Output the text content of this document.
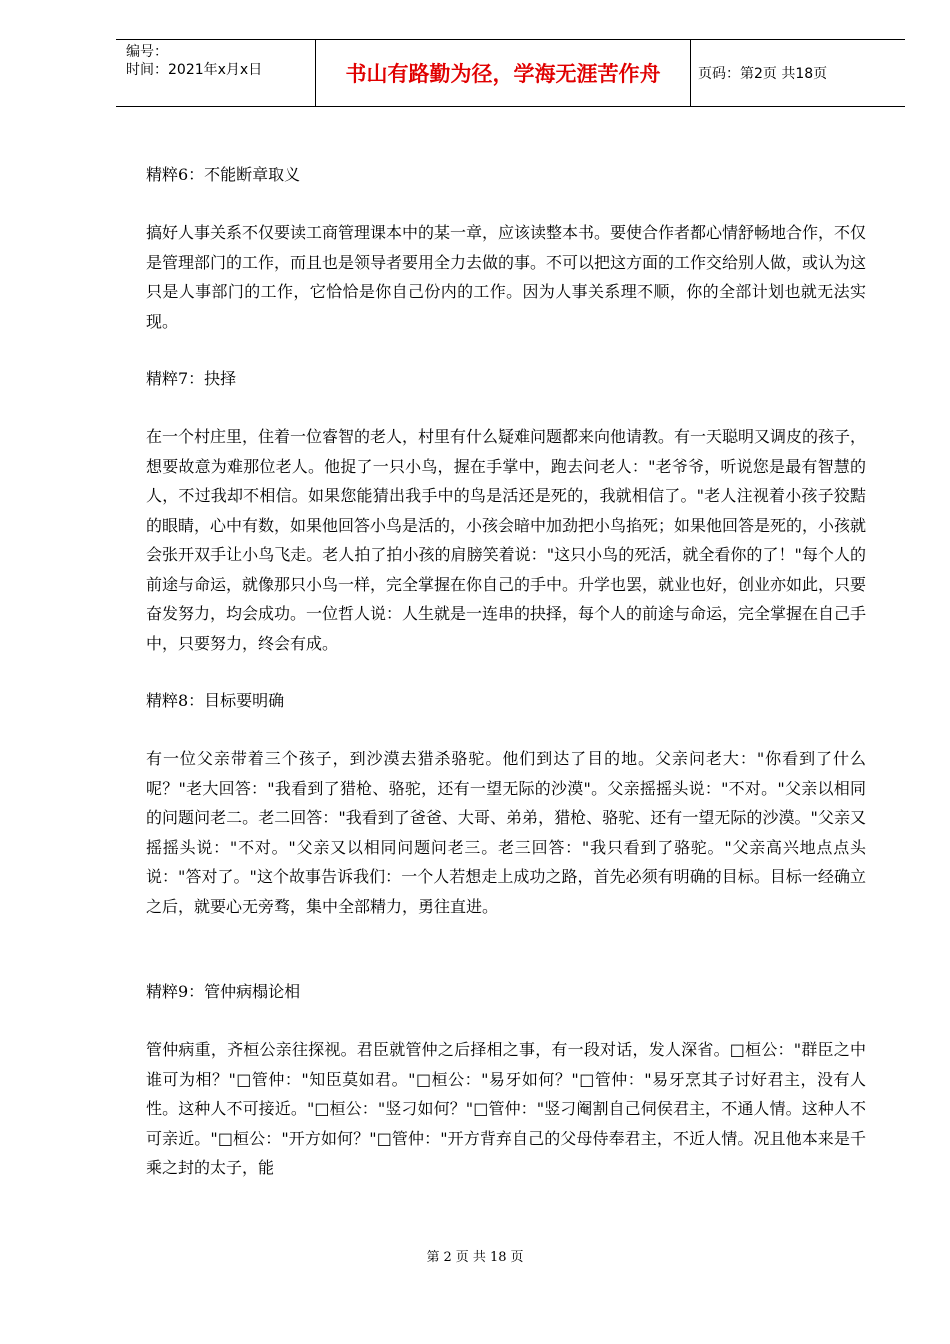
编号：
时间：2021年x月x日	书山有路勤为径，学海无涯苦作舟	页码：第2页 共18页
精粹6：不能断章取义
搞好人事关系不仅要读工商管理课本中的某一章，应该读整本书。要使合作者都心情舒畅地合作，不仅是管理部门的工作，而且也是领导者要用全力去做的事。不可以把这方面的工作交给别人做，或认为这只是人事部门的工作，它恰恰是你自己份内的工作。因为人事关系理不顺，你的全部计划也就无法实现。
精粹7：抉择
在一个村庄里，住着一位睿智的老人，村里有什么疑难问题都来向他请教。有一天聪明又调皮的孩子，想要故意为难那位老人。他捉了一只小鸟，握在手掌中，跑去问老人："老爷爷，听说您是最有智慧的人，不过我却不相信。如果您能猜出我手中的鸟是活还是死的，我就相信了。"老人注视着小孩子狡黠的眼睛，心中有数，如果他回答小鸟是活的，小孩会暗中加劲把小鸟掐死；如果他回答是死的，小孩就会张开双手让小鸟飞走。老人拍了拍小孩的肩膀笑着说："这只小鸟的死活，就全看你的了！"每个人的前途与命运，就像那只小鸟一样，完全掌握在你自己的手中。升学也罢，就业也好，创业亦如此，只要奋发努力，均会成功。一位哲人说：人生就是一连串的抉择，每个人的前途与命运，完全掌握在自己手中，只要努力，终会有成。
精粹8：目标要明确
有一位父亲带着三个孩子，到沙漠去猎杀骆驼。他们到达了目的地。父亲问老大："你看到了什么呢？"老大回答："我看到了猎枪、骆驼，还有一望无际的沙漠"。父亲摇摇头说："不对。"父亲以相同的问题问老二。老二回答："我看到了爸爸、大哥、弟弟，猎枪、骆驼、还有一望无际的沙漠。"父亲又摇摇头说："不对。"父亲又以相同问题问老三。老三回答："我只看到了骆驼。"父亲高兴地点点头说："答对了。"这个故事告诉我们：一个人若想走上成功之路，首先必须有明确的目标。目标一经确立之后，就要心无旁骛，集中全部精力，勇往直进。
精粹9：管仲病榻论相
管仲病重，齐桓公亲往探视。君臣就管仲之后择相之事，有一段对话，发人深省。□桓公："群臣之中谁可为相？"□管仲："知臣莫如君。"□桓公："易牙如何？"□管仲："易牙烹其子讨好君主，没有人性。这种人不可接近。"□桓公："竖刁如何？"□管仲："竖刁阉割自己伺侯君主，不通人情。这种人不可亲近。"□桓公："开方如何？"□管仲："开方背弃自己的父母侍奉君主，不近人情。况且他本来是千乘之封的太子，能
第 2 页 共 18 页
